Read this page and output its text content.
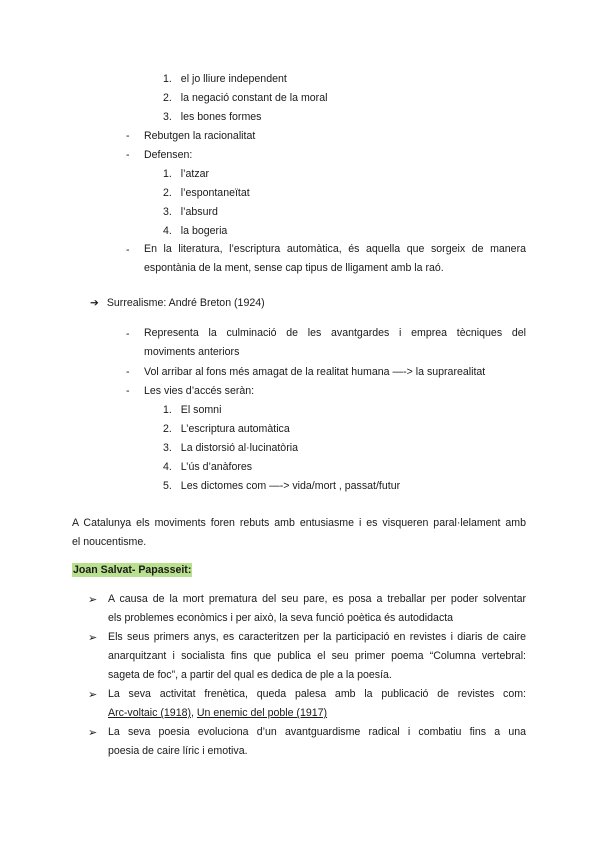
1. el jo lliure independent
2. la negació constant de la moral
3. les bones formes
- Rebutgen la racionalitat
- Defensen:
1. l’atzar
2. l’espontaneïtat
3. l’absurd
4. la bogeria
- En la literatura, l’escriptura automàtica, és aquella que sorgeix de manera
espontània de la ment, sense cap tipus de lligament amb la raó.
➔ Surrealisme: André Breton (1924)
- Representa la culminació de les avantgardes i emprea tècniques del
moviments anteriors
- Vol arribar al fons més amagat de la realitat humana —-> la suprarealitat
- Les vies d’accés seràn:
1. El somni
2. L’escriptura automàtica
3. La distorsió al·lucinatòria
4. L’ús d’anàfores
5. Les dictomes com —-> vida/mort , passat/futur
A Catalunya els moviments foren rebuts amb entusiasme i es visqueren paral·lelament amb
el noucentisme.
Joan Salvat- Papasseit:
➢ A causa de la mort prematura del seu pare, es posa a treballar per poder solventar
els problemes econòmics i per això, la seva funció poètica és autodidacta
➢ Els seus primers anys, es caracteritzen per la participació en revistes i diaris de caire
anarquitzant i socialista fins que publica el seu primer poema “Columna vertebral:
sageta de foc”, a partir del qual es dedica de ple a la poesía.
➢ La seva activitat frenètica, queda palesa amb la publicació de revistes com:
Arc-voltaic (1918), Un enemic del poble (1917)
➢ La seva poesia evoluciona d’un avantguardisme radical i combatiu fins a una
poesia de caire líric i emotiva.
